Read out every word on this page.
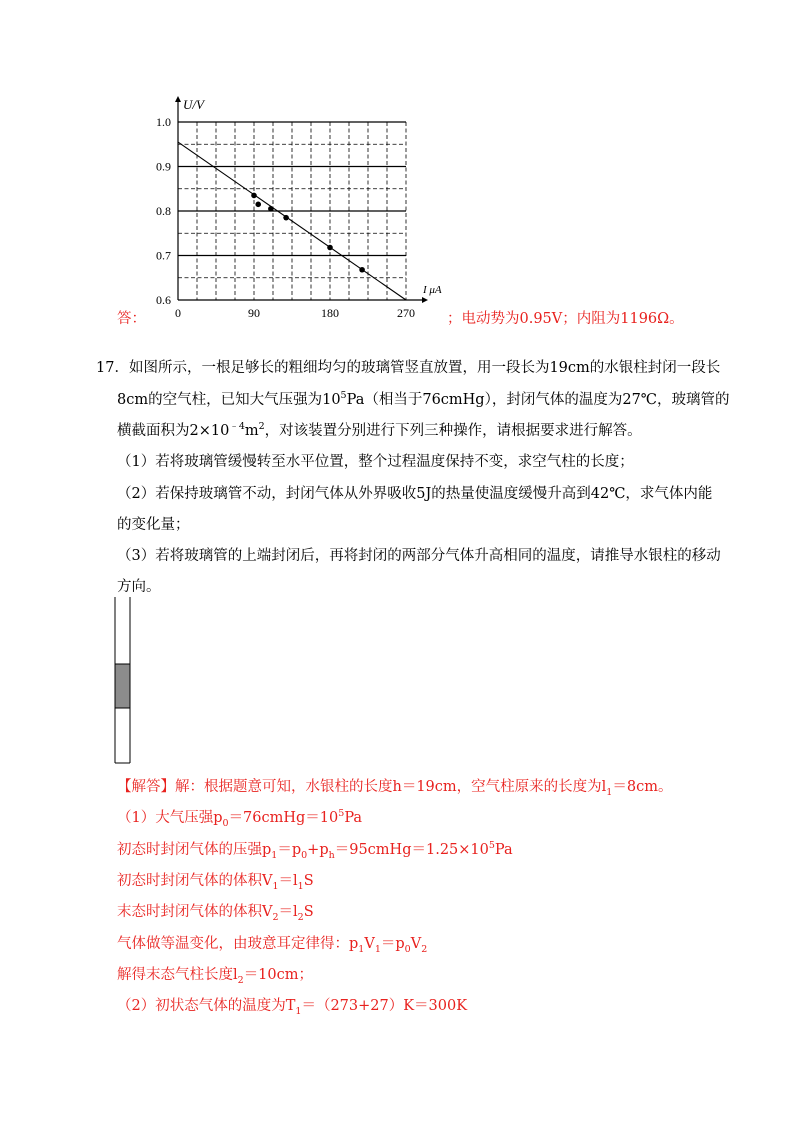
0.6
0.7
0.8
0.9
1.0
0	90	180	270
U/V
I μA
答：	；电动势为0.95V；内阻为1196Ω。
17．如图所示，一根足够长的粗细均匀的玻璃管竖直放置，用一段长为19cm的水银柱封闭一段长
8cm的空气柱，已知大气压强为$10^5Pa$（相当于76cmHg），封闭气体的温度为27℃，玻璃管的
横截面积为$2\times 10^{﹣4}m^2$，对该装置分别进行下列三种操作，请根据要求进行解答。
（1）若将玻璃管缓慢转至水平位置，整个过程温度保持不变，求空气柱的长度；
（2）若保持玻璃管不动，封闭气体从外界吸收5J的热量使温度缓慢升高到42℃，求气体内能
的变化量；
（3）若将玻璃管的上端封闭后，再将封闭的两部分气体升高相同的温度，请推导水银柱的移动
方向。
【解答】解：根据题意可知，水银柱的长度h＝19cm，空气柱原来的长度为$l_1=8cm$。
（1）大气压强$p_0=76cmHg=10^5Pa$
初态时封闭气体的压强$p_1=p_0+p_h=95cmHg=1.25\times 10^5Pa$
初态时封闭气体的体积$V_1=l_1S$
末态时封闭气体的体积$V_2=l_2S$
气体做等温变化，由玻意耳定律得：$p_1V_1=p_0V_2$
解得末态气柱长度$l_2=10cm$；
（2）初状态气体的温度为$T_1=(273+27)K=300K$
